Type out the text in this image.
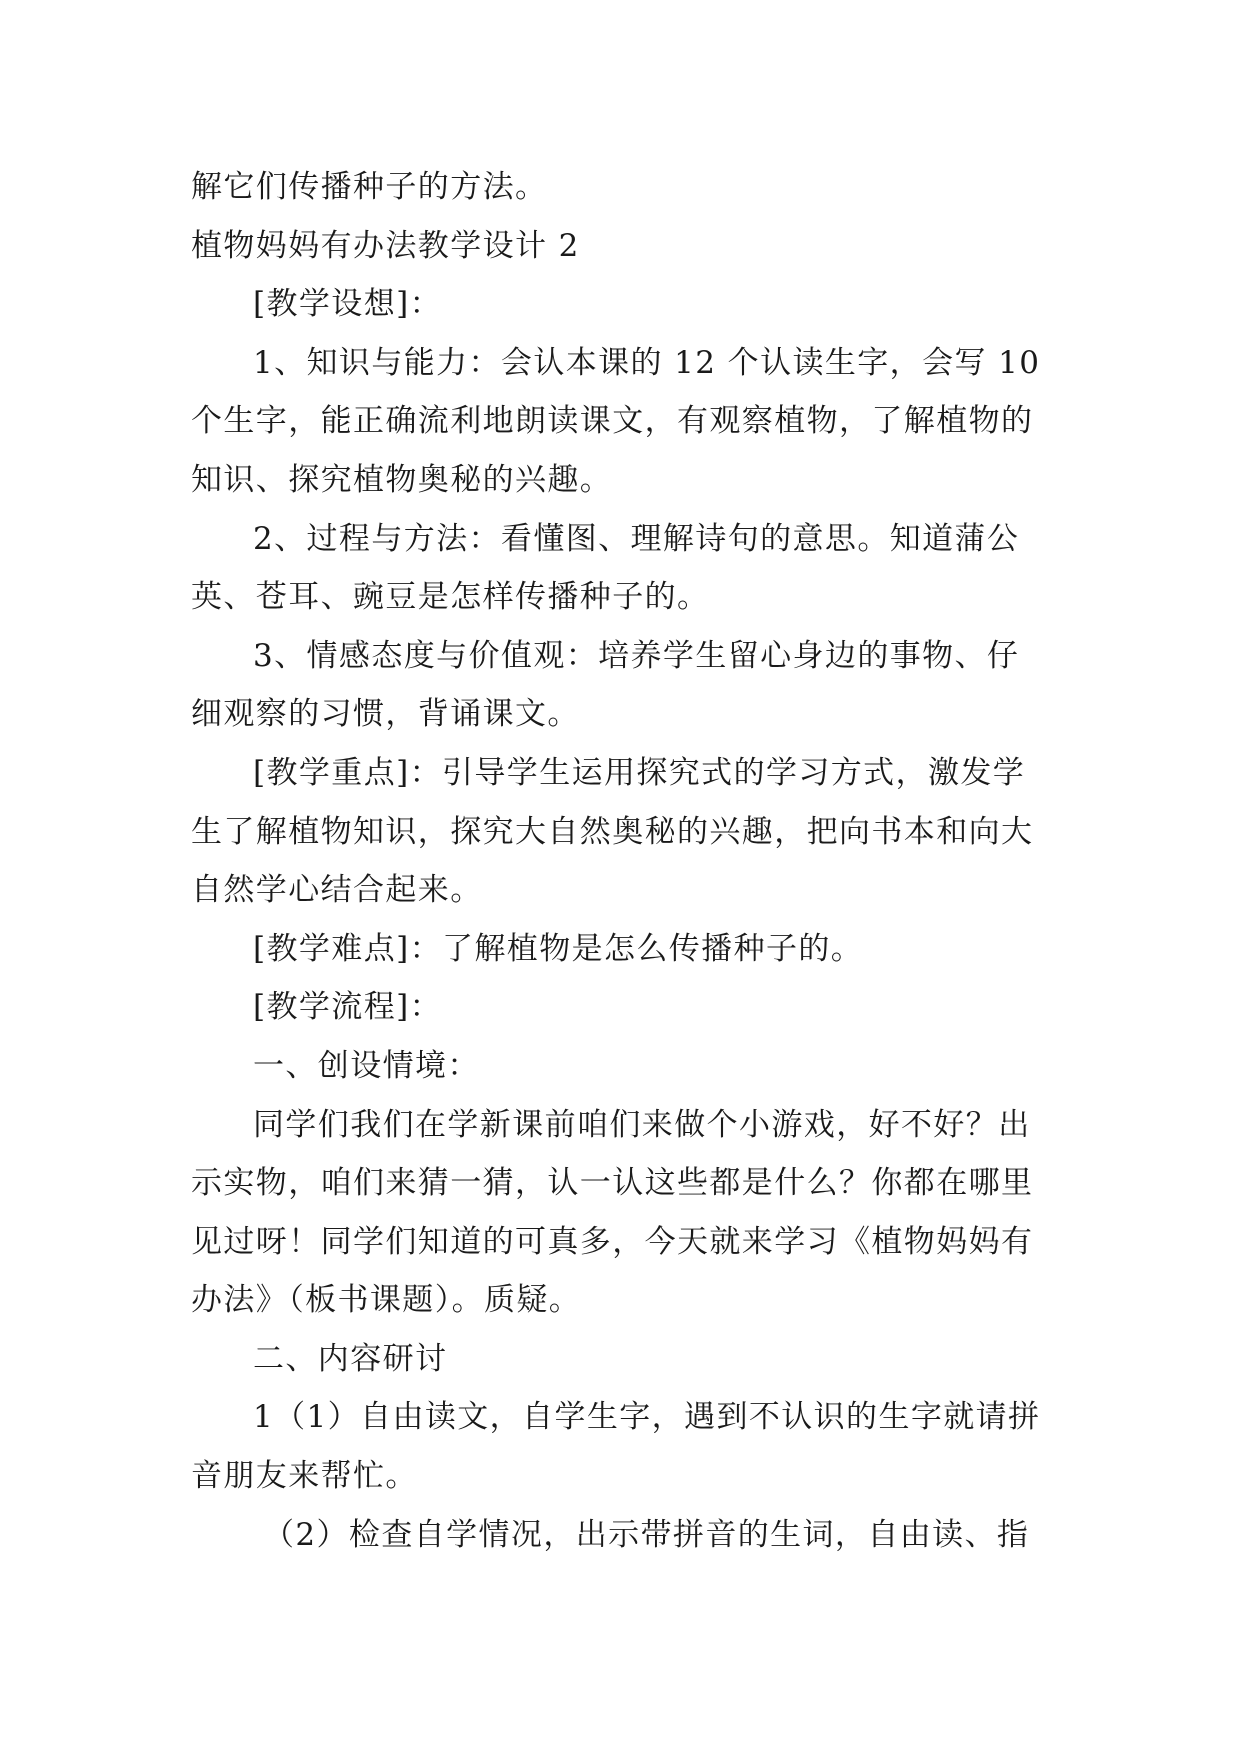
解它们传播种子的方法。

植物妈妈有办法教学设计 2

[教学设想]：

1、知识与能力：会认本课的 12 个认读生字，会写 10

个生字，能正确流利地朗读课文，有观察植物，了解植物的

知识、探究植物奥秘的兴趣。

2、过程与方法：看懂图、理解诗句的意思。知道蒲公

英、苍耳、豌豆是怎样传播种子的。

3、情感态度与价值观：培养学生留心身边的事物、仔

细观察的习惯，背诵课文。

[教学重点]：引导学生运用探究式的学习方式，激发学

生了解植物知识，探究大自然奥秘的兴趣，把向书本和向大

自然学心结合起来。

[教学难点]：了解植物是怎么传播种子的。

[教学流程]：

一、创设情境：

同学们我们在学新课前咱们来做个小游戏，好不好？出

示实物，咱们来猜一猜，认一认这些都是什么？你都在哪里

见过呀！同学们知道的可真多，今天就来学习《植物妈妈有

办法》（板书课题）。质疑。

二、内容研讨

1（1）自由读文，自学生字，遇到不认识的生字就请拼

音朋友来帮忙。

（2）检查自学情况，出示带拼音的生词，自由读、指
